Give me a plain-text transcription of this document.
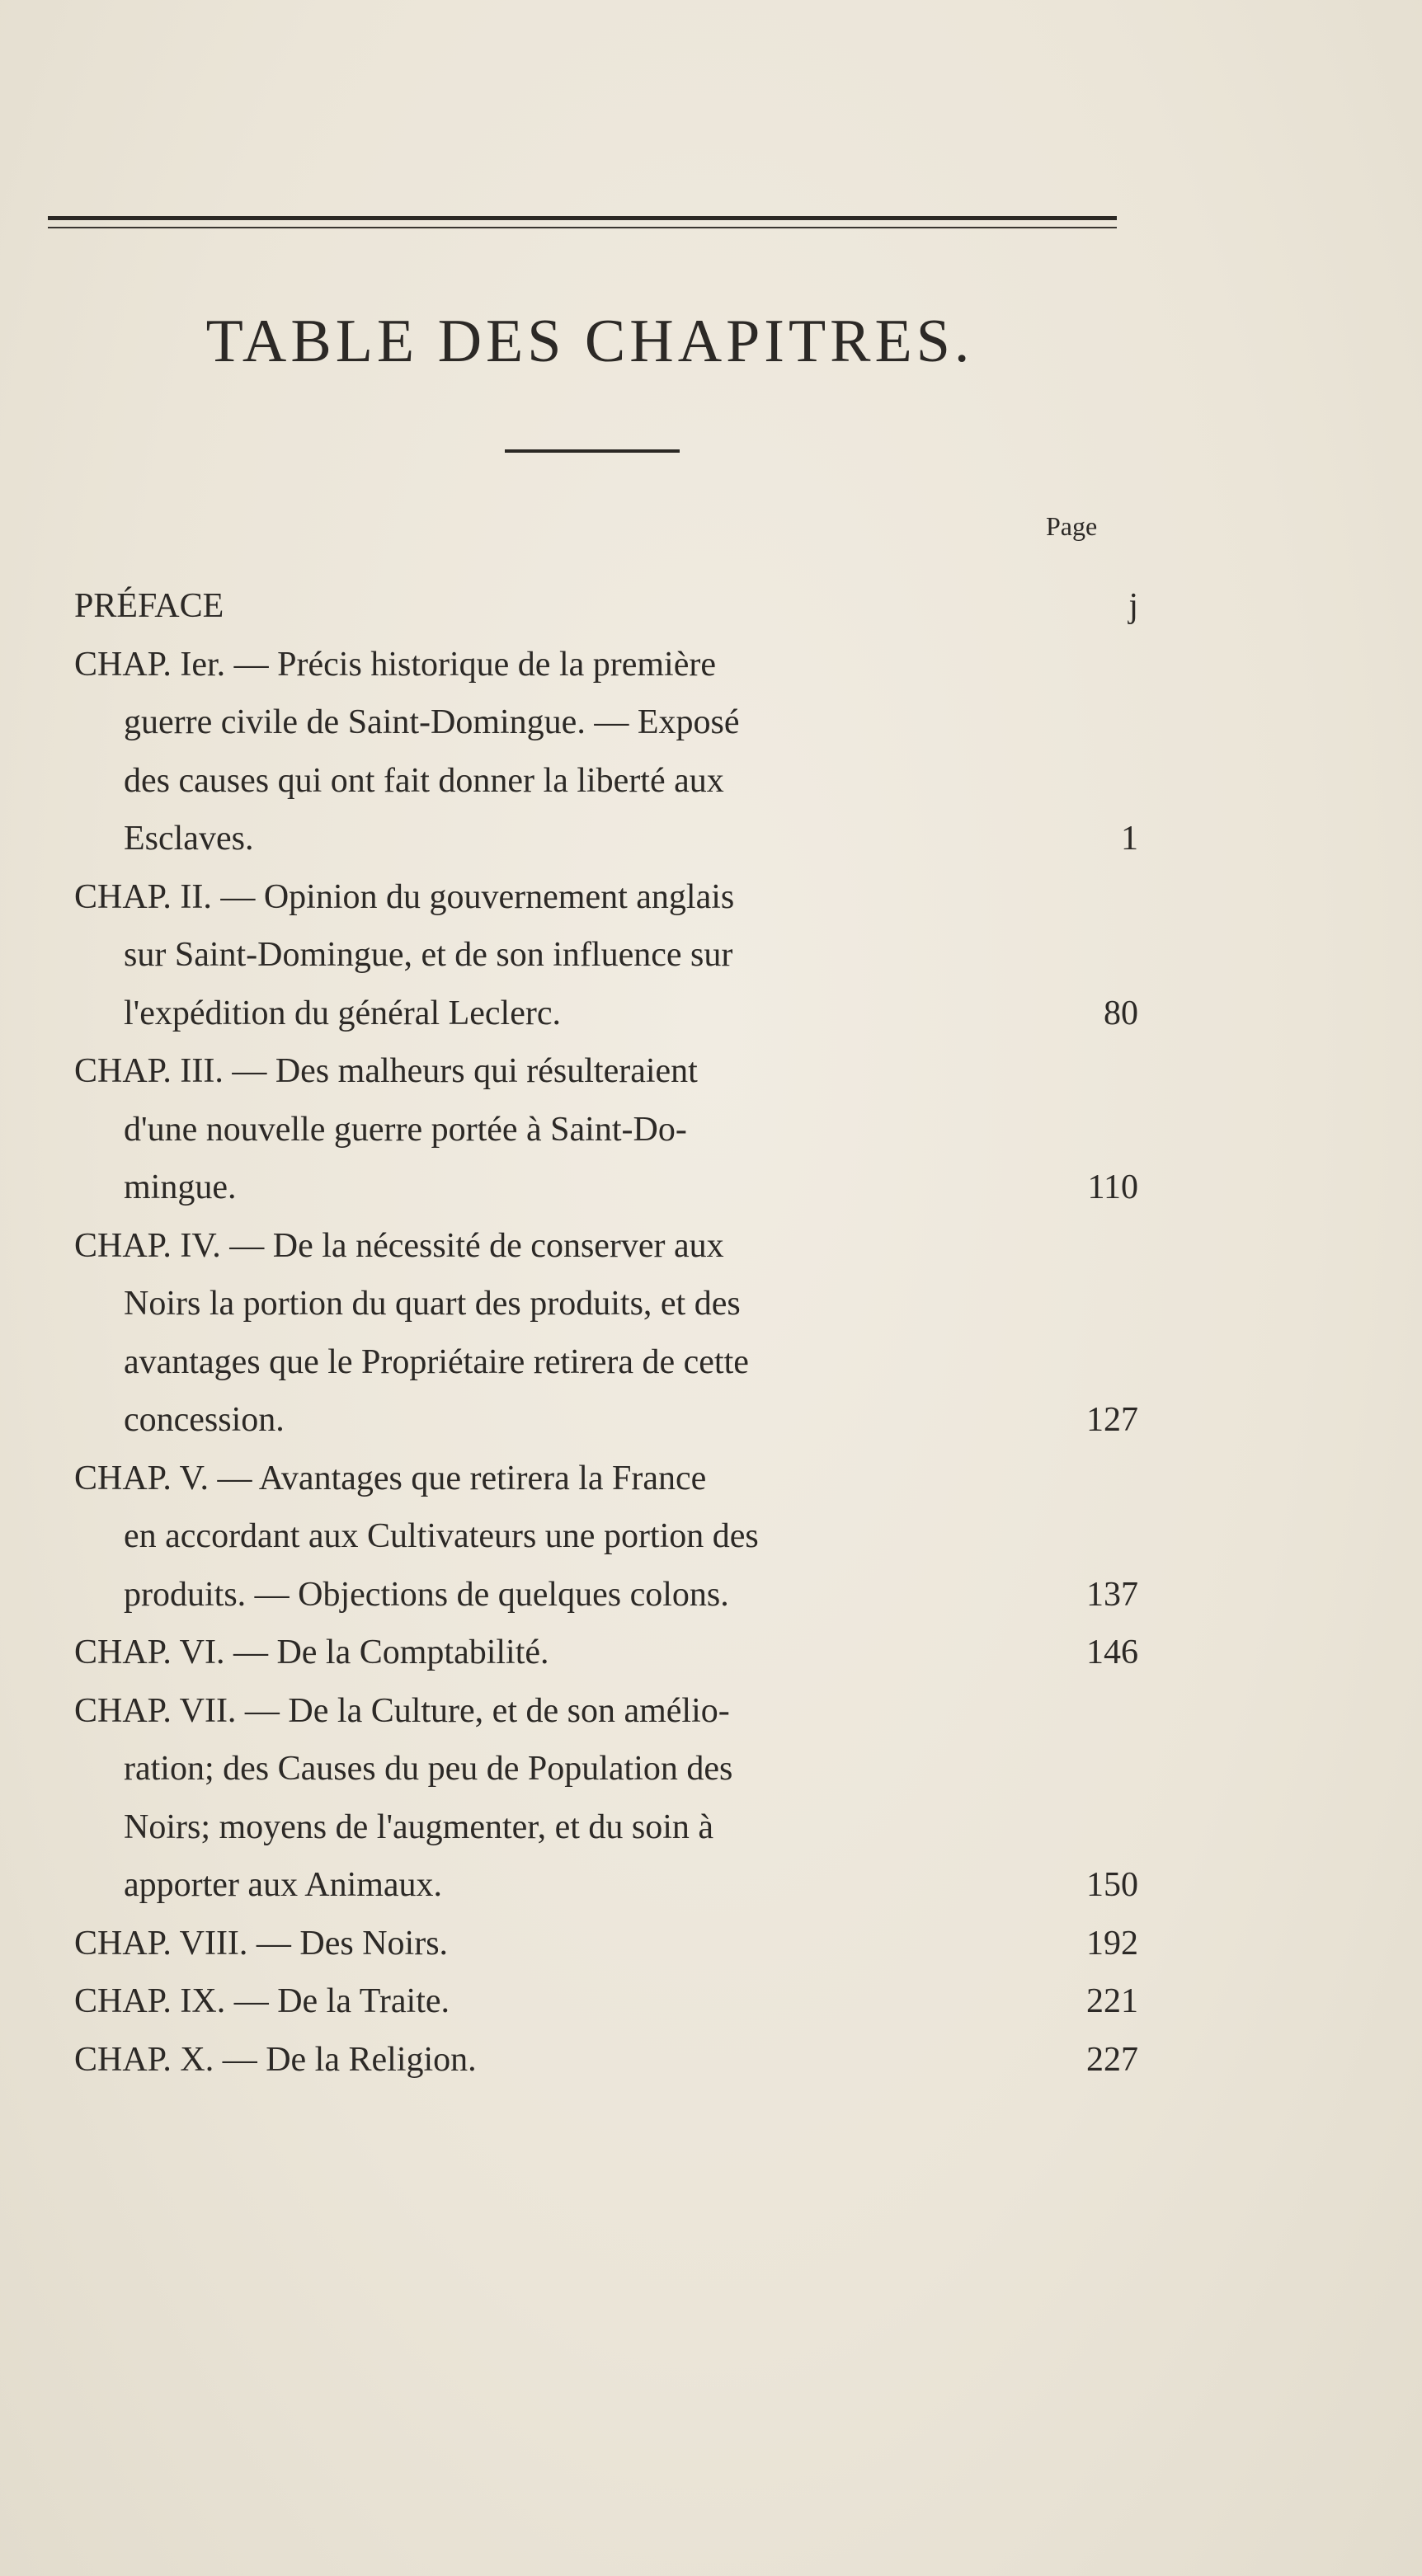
TABLE DES CHAPITRES.
Page
PRÉFACE	j
CHAP. Ier. — Précis historique de la première
guerre civile de Saint-Domingue. — Exposé
des causes qui ont fait donner la liberté aux
Esclaves.	1
CHAP. II. — Opinion du gouvernement anglais
sur Saint-Domingue, et de son influence sur
l'expédition du général Leclerc.	80
CHAP. III. — Des malheurs qui résulteraient
d'une nouvelle guerre portée à Saint-Do-
mingue.	110
CHAP. IV. — De la nécessité de conserver aux
Noirs la portion du quart des produits, et des
avantages que le Propriétaire retirera de cette
concession.	127
CHAP. V. — Avantages que retirera la France
en accordant aux Cultivateurs une portion des
produits. — Objections de quelques colons.	137
CHAP. VI. — De la Comptabilité.	146
CHAP. VII. — De la Culture, et de son amélio-
ration; des Causes du peu de Population des
Noirs; moyens de l'augmenter, et du soin à
apporter aux Animaux.	150
CHAP. VIII. — Des Noirs.	192
CHAP. IX. — De la Traite.	221
CHAP. X. — De la Religion.	227
